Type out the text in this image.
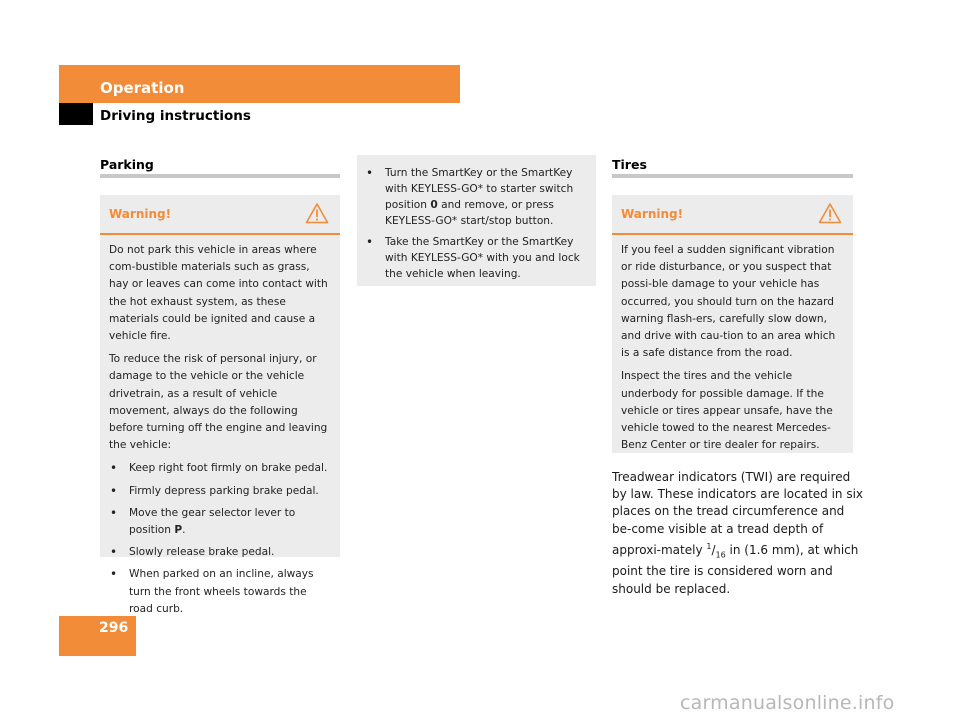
Operation
Driving instructions
Parking
Warning!

Do not park this vehicle in areas where com-bustible materials such as grass, hay or leaves can come into contact with the hot exhaust system, as these materials could be ignited and cause a vehicle fire.

To reduce the risk of personal injury, or damage to the vehicle or the vehicle drivetrain, as a result of vehicle movement, always do the following before turning off the engine and leaving the vehicle:

• Keep right foot firmly on brake pedal.
• Firmly depress parking brake pedal.
• Move the gear selector lever to position P.
• Slowly release brake pedal.
• When parked on an incline, always turn the front wheels towards the road curb.
• Turn the SmartKey or the SmartKey with KEYLESS-GO* to starter switch position 0 and remove, or press KEYLESS-GO* start/stop button.
• Take the SmartKey or the SmartKey with KEYLESS-GO* with you and lock the vehicle when leaving.
Tires
Warning!

If you feel a sudden significant vibration or ride disturbance, or you suspect that possi-ble damage to your vehicle has occurred, you should turn on the hazard warning flash-ers, carefully slow down, and drive with cau-tion to an area which is a safe distance from the road.

Inspect the tires and the vehicle underbody for possible damage. If the vehicle or tires appear unsafe, have the vehicle towed to the nearest Mercedes-Benz Center or tire dealer for repairs.

Treadwear indicators (TWI) are required by law. These indicators are located in six places on the tread circumference and be-come visible at a tread depth of approxi-mately $^1/_{16}$ in (1.6 mm), at which point the tire is considered worn and should be replaced.
296
carmanualsonline.info
